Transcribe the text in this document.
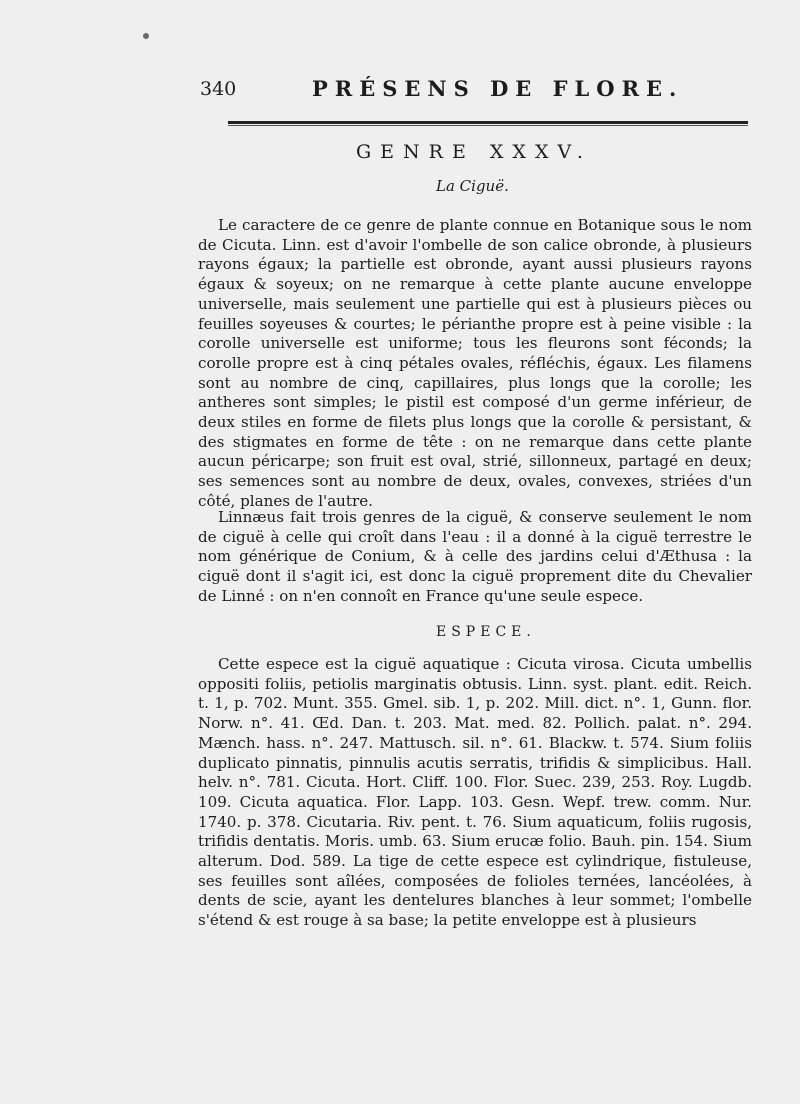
340	PRÉSENS DE FLORE.
GENRE XXXV.
La Ciguë.

Le caractere de ce genre de plante connue en Botanique sous le nom de Cicuta. Linn. est d'avoir l'ombelle de son calice obronde, à plusieurs rayons égaux; la partielle est obronde, ayant aussi plusieurs rayons égaux & soyeux; on ne remarque à cette plante aucune enveloppe universelle, mais seulement une partielle qui est à plusieurs pièces ou feuilles soyeuses & courtes; le périanthe propre est à peine visible : la corolle universelle est uniforme; tous les fleurons sont féconds; la corolle propre est à cinq pétales ovales, réfléchis, égaux. Les filamens sont au nombre de cinq, capillaires, plus longs que la corolle; les antheres sont simples; le pistil est composé d'un germe inférieur, de deux stiles en forme de filets plus longs que la corolle & persistant, & des stigmates en forme de tête : on ne remarque dans cette plante aucun péricarpe; son fruit est oval, strié, sillonneux, partagé en deux; ses semences sont au nombre de deux, ovales, convexes, striées d'un côté, planes de l'autre.

Linnæus fait trois genres de la ciguë, & conserve seulement le nom de ciguë à celle qui croît dans l'eau : il a donné à la ciguë terrestre le nom générique de Conium, & à celle des jardins celui d'Æthusa : la ciguë dont il s'agit ici, est donc la ciguë proprement dite du Chevalier de Linné : on n'en connoît en France qu'une seule espece.

ESPECE.

Cette espece est la ciguë aquatique : Cicuta virosa. Cicuta umbellis oppositi foliis, petiolis marginatis obtusis. Linn. syst. plant. edit. Reich. t. 1, p. 702. Munt. 355. Gmel. sib. 1, p. 202. Mill. dict. n°. 1, Gunn. flor. Norw. n°. 41. Œd. Dan. t. 203. Mat. med. 82. Pollich. palat. n°. 294. Mænch. hass. n°. 247. Mattusch. sil. n°. 61. Blackw. t. 574. Sium foliis duplicato pinnatis, pinnulis acutis serratis, trifidis & simplicibus. Hall. helv. n°. 781. Cicuta. Hort. Cliff. 100. Flor. Suec. 239, 253. Roy. Lugdb. 109. Cicuta aquatica. Flor. Lapp. 103. Gesn. Wepf. trew. comm. Nur. 1740. p. 378. Cicutaria. Riv. pent. t. 76. Sium aquaticum, foliis rugosis, trifidis dentatis. Moris. umb. 63. Sium erucæ folio. Bauh. pin. 154. Sium alterum. Dod. 589. La tige de cette espece est cylindrique, fistuleuse, ses feuilles sont aîlées, composées de folioles ternées, lancéolées, à dents de scie, ayant les dentelures blanches à leur sommet; l'ombelle s'étend & est rouge à sa base; la petite enveloppe est à plusieurs
